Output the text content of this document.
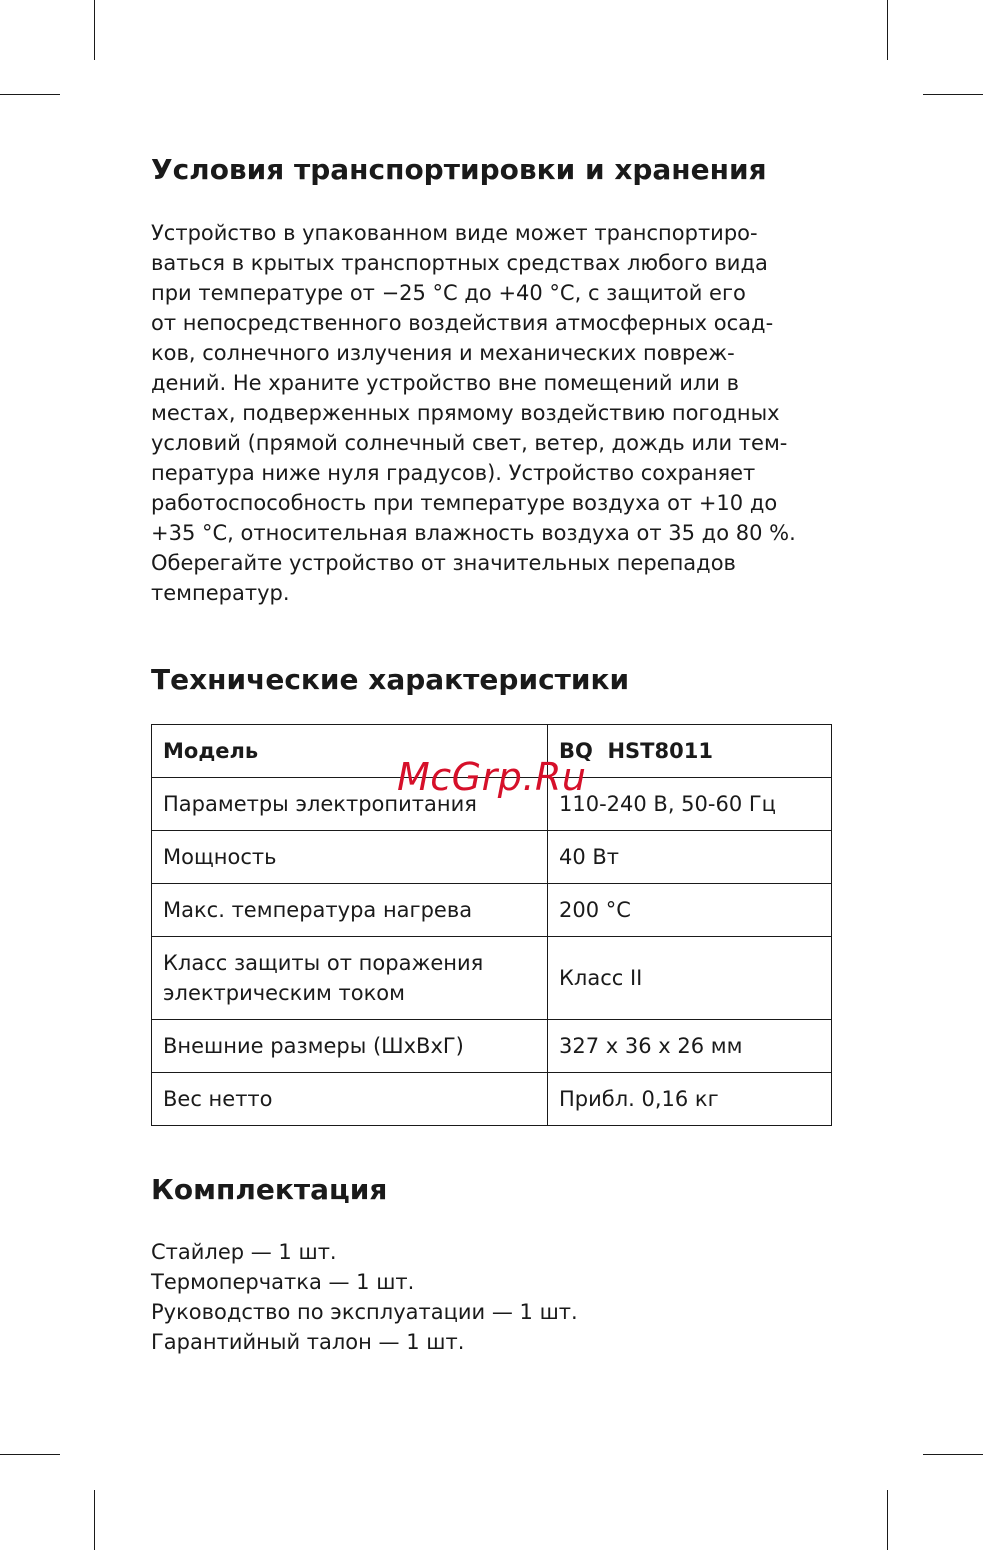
Условия транспортировки и хранения
Устройство в упакованном виде может транспортиро-
ваться в крытых транспортных средствах любого вида
при температуре от −25 °С до +40 °С, с защитой его
от непосредственного воздействия атмосферных осад-
ков, солнечного излучения и механических повреж-
дений. Не храните устройство вне помещений или в
местах, подверженных прямому воздействию погодных
условий (прямой солнечный свет, ветер, дождь или тем-
пература ниже нуля градусов). Устройство сохраняет
работоспособность при температуре воздуха от +10 до
+35 °С, относительная влажность воздуха от 35 до 80 %.
Оберегайте устройство от значительных перепадов
температур.
Технические характеристики
Модель	BQ  HST8011
Параметры электропитания	110-240 В, 50-60 Гц
Мощность	40 Вт
Макс. температура нагрева	200 °C

Класс защиты от поражения
электрическим током	Класс II
Внешние размеры (ШхВхГ)	327 x 36 x 26 мм
Вес нетто	Прибл. 0,16 кг
Комплектация
Стайлер — 1 шт.
Термоперчатка — 1 шт.
Руководство по эксплуатации — 1 шт.
Гарантийный талон — 1 шт.
McGrp.Ru
